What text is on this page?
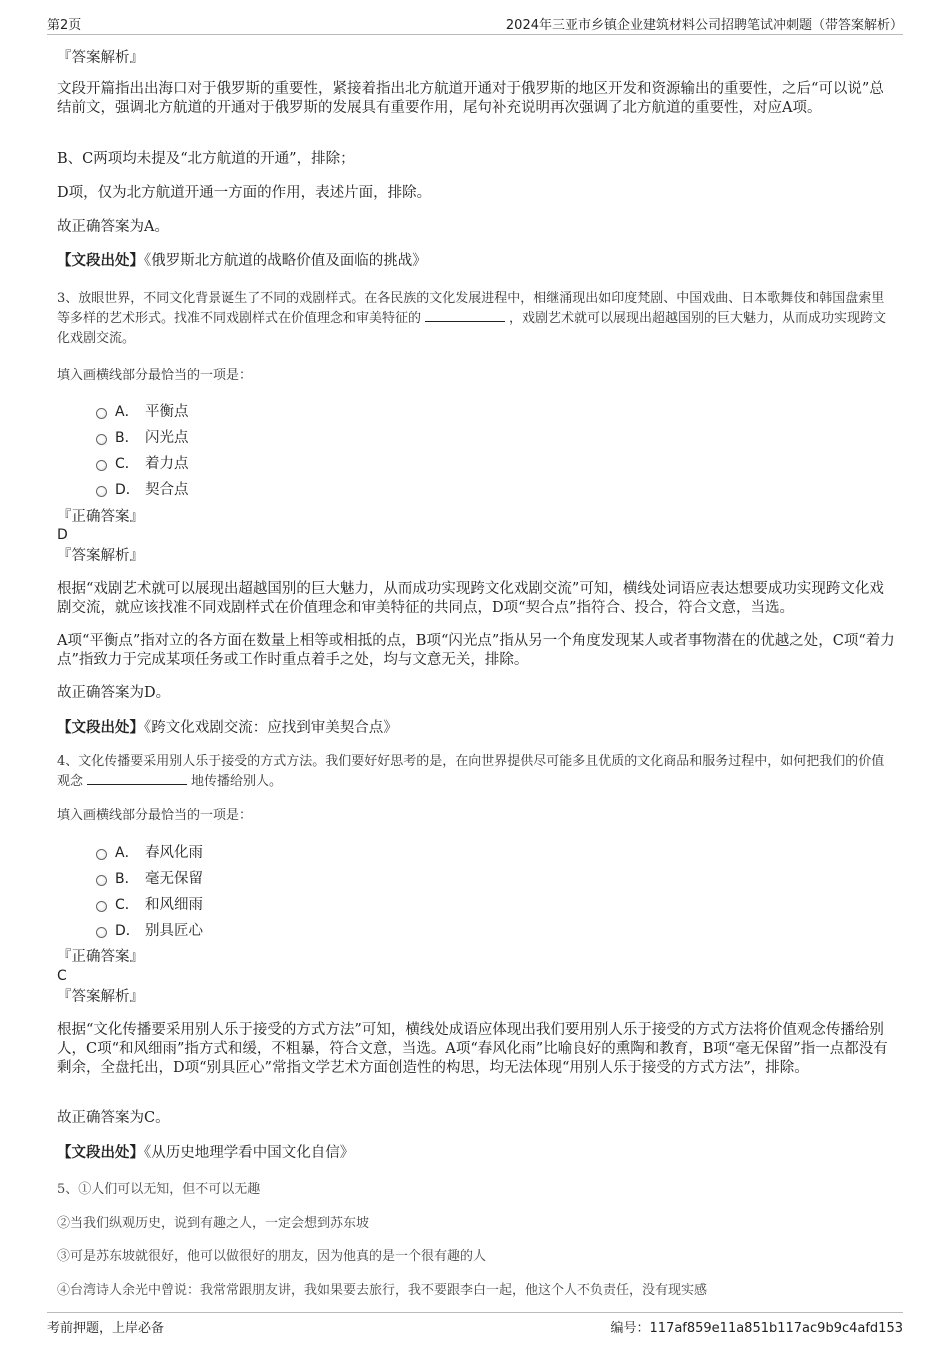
第2页	2024年三亚市乡镇企业建筑材料公司招聘笔试冲刺题（带答案解析）
『答案解析』

文段开篇指出出海口对于俄罗斯的重要性，紧接着指出北方航道开通对于俄罗斯的地区开发和资源输出的重要性，之后“可以说”总结前文，强调北方航道的开通对于俄罗斯的发展具有重要作用，尾句补充说明再次强调了北方航道的重要性，对应A项。

B、C两项均未提及“北方航道的开通”，排除；

D项，仅为北方航道开通一方面的作用，表述片面，排除。

故正确答案为A。

【文段出处】《俄罗斯北方航道的战略价值及面临的挑战》
3、放眼世界，不同文化背景诞生了不同的戏剧样式。在各民族的文化发展进程中，相继涌现出如印度梵剧、中国戏曲、日本歌舞伎和韩国盘索里等多样的艺术形式。找准不同戏剧样式在价值理念和审美特征的	，戏剧艺术就可以展现出超越国别的巨大魅力，从而成功实现跨文化戏剧交流。
填入画横线部分最恰当的一项是：
A． 平衡点
B． 闪光点
C． 着力点
D． 契合点
『正确答案』
D
『答案解析』

根据“戏剧艺术就可以展现出超越国别的巨大魅力，从而成功实现跨文化戏剧交流”可知，横线处词语应表达想要成功实现跨文化戏剧交流，就应该找准不同戏剧样式在价值理念和审美特征的共同点，D项“契合点”指符合、投合，符合文意，当选。

A项“平衡点”指对立的各方面在数量上相等或相抵的点，B项“闪光点”指从另一个角度发现某人或者事物潜在的优越之处，C项“着力点”指致力于完成某项任务或工作时重点着手之处，均与文意无关，排除。

故正确答案为D。

【文段出处】《跨文化戏剧交流：应找到审美契合点》
4、文化传播要采用别人乐于接受的方式方法。我们要好好思考的是，在向世界提供尽可能多且优质的文化商品和服务过程中，如何把我们的价值观念	地传播给别人。
填入画横线部分最恰当的一项是：
A． 春风化雨
B． 毫无保留
C． 和风细雨
D． 别具匠心
『正确答案』
C
『答案解析』

根据“文化传播要采用别人乐于接受的方式方法”可知，横线处成语应体现出我们要用别人乐于接受的方式方法将价值观念传播给别人，C项“和风细雨”指方式和缓，不粗暴，符合文意，当选。A项“春风化雨”比喻良好的熏陶和教育，B项“毫无保留”指一点都没有剩余，全盘托出，D项“别具匠心”常指文学艺术方面创造性的构思，均无法体现“用别人乐于接受的方式方法”，排除。

故正确答案为C。

【文段出处】《从历史地理学看中国文化自信》
5、①人们可以无知，但不可以无趣
②当我们纵观历史，说到有趣之人，一定会想到苏东坡
③可是苏东坡就很好，他可以做很好的朋友，因为他真的是一个很有趣的人
④台湾诗人余光中曾说：我常常跟朋友讲，我如果要去旅行，我不要跟李白一起，他这个人不负责任，没有现实感
考前押题，上岸必备	编号：117af859e11a851b117ac9b9c4afd153
